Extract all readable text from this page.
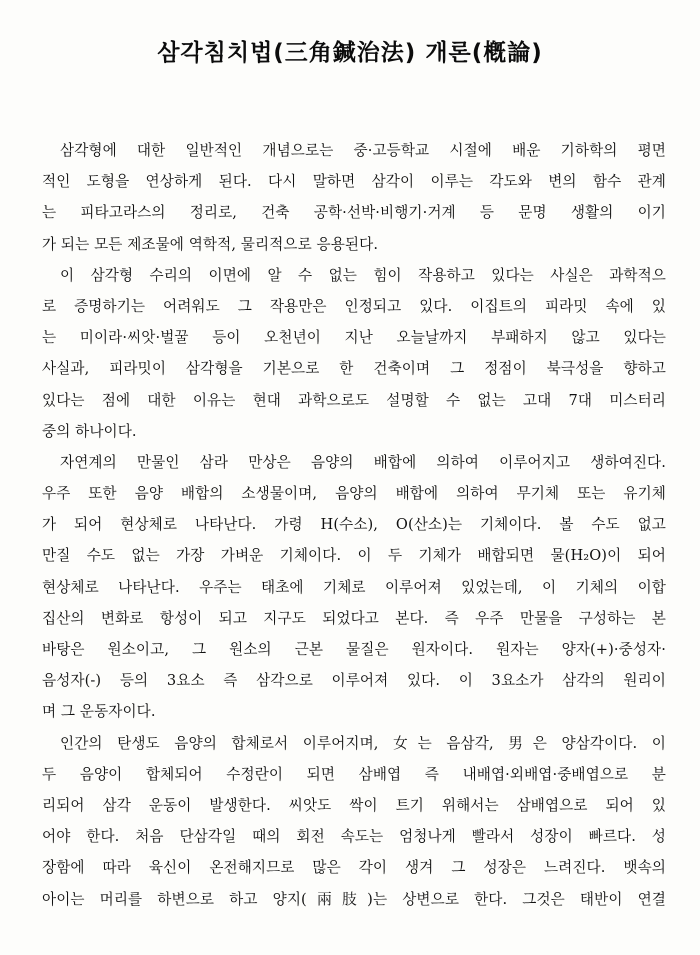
삼각침치법(三角鍼治法) 개론(槪論)
삼각형에 대한 일반적인 개념으로는 중·고등학교 시절에 배운 기하학의 평면
적인 도형을 연상하게 된다. 다시 말하면 삼각이 이루는 각도와 변의 함수 관계
는 피타고라스의 정리로, 건축 공학·선박·비행기·거계 등 문명 생활의 이기
가 되는 모든 제조물에 역학적, 물리적으로 응용된다.
이 삼각형 수리의 이면에 알 수 없는 힘이 작용하고 있다는 사실은 과학적으
로 증명하기는 어려워도 그 작용만은 인정되고 있다. 이집트의 피라밋 속에 있
는 미이라·씨앗·벌꿀 등이 오천년이 지난 오늘날까지 부패하지 않고 있다는
사실과, 피라밋이 삼각형을 기본으로 한 건축이며 그 정점이 북극성을 향하고
있다는 점에 대한 이유는 현대 과학으로도 설명할 수 없는 고대 7대 미스터리
중의 하나이다.
자연계의 만물인 삼라 만상은 음양의 배합에 의하여 이루어지고 생하여진다.
우주 또한 음양 배합의 소생물이며, 음양의 배합에 의하여 무기체 또는 유기체
가 되어 현상체로 나타난다. 가령 H(수소), O(산소)는 기체이다. 볼 수도 없고
만질 수도 없는 가장 가벼운 기체이다. 이 두 기체가 배합되면 물(H₂O)이 되어
현상체로 나타난다. 우주는 태초에 기체로 이루어져 있었는데, 이 기체의 이합
집산의 변화로 항성이 되고 지구도 되었다고 본다. 즉 우주 만물을 구성하는 본
바탕은 원소이고, 그 원소의 근본 물질은 원자이다. 원자는 양자(+)·중성자·
음성자(-) 등의 3요소 즉 삼각으로 이루어져 있다. 이 3요소가 삼각의 원리이
며 그 운동자이다.
인간의 탄생도 음양의 합체로서 이루어지며, 女는 음삼각, 男은 양삼각이다. 이
두 음양이 합체되어 수정란이 되면 삼배엽 즉 내배엽·외배엽·중배엽으로 분
리되어 삼각 운동이 발생한다. 씨앗도 싹이 트기 위해서는 삼배엽으로 되어 있
어야 한다. 처음 단삼각일 때의 회전 속도는 엄청나게 빨라서 성장이 빠르다. 성
장함에 따라 육신이 온전해지므로 많은 각이 생겨 그 성장은 느려진다. 뱃속의
아이는 머리를 하변으로 하고 양지(兩肢)는 상변으로 한다. 그것은 태반이 연결
